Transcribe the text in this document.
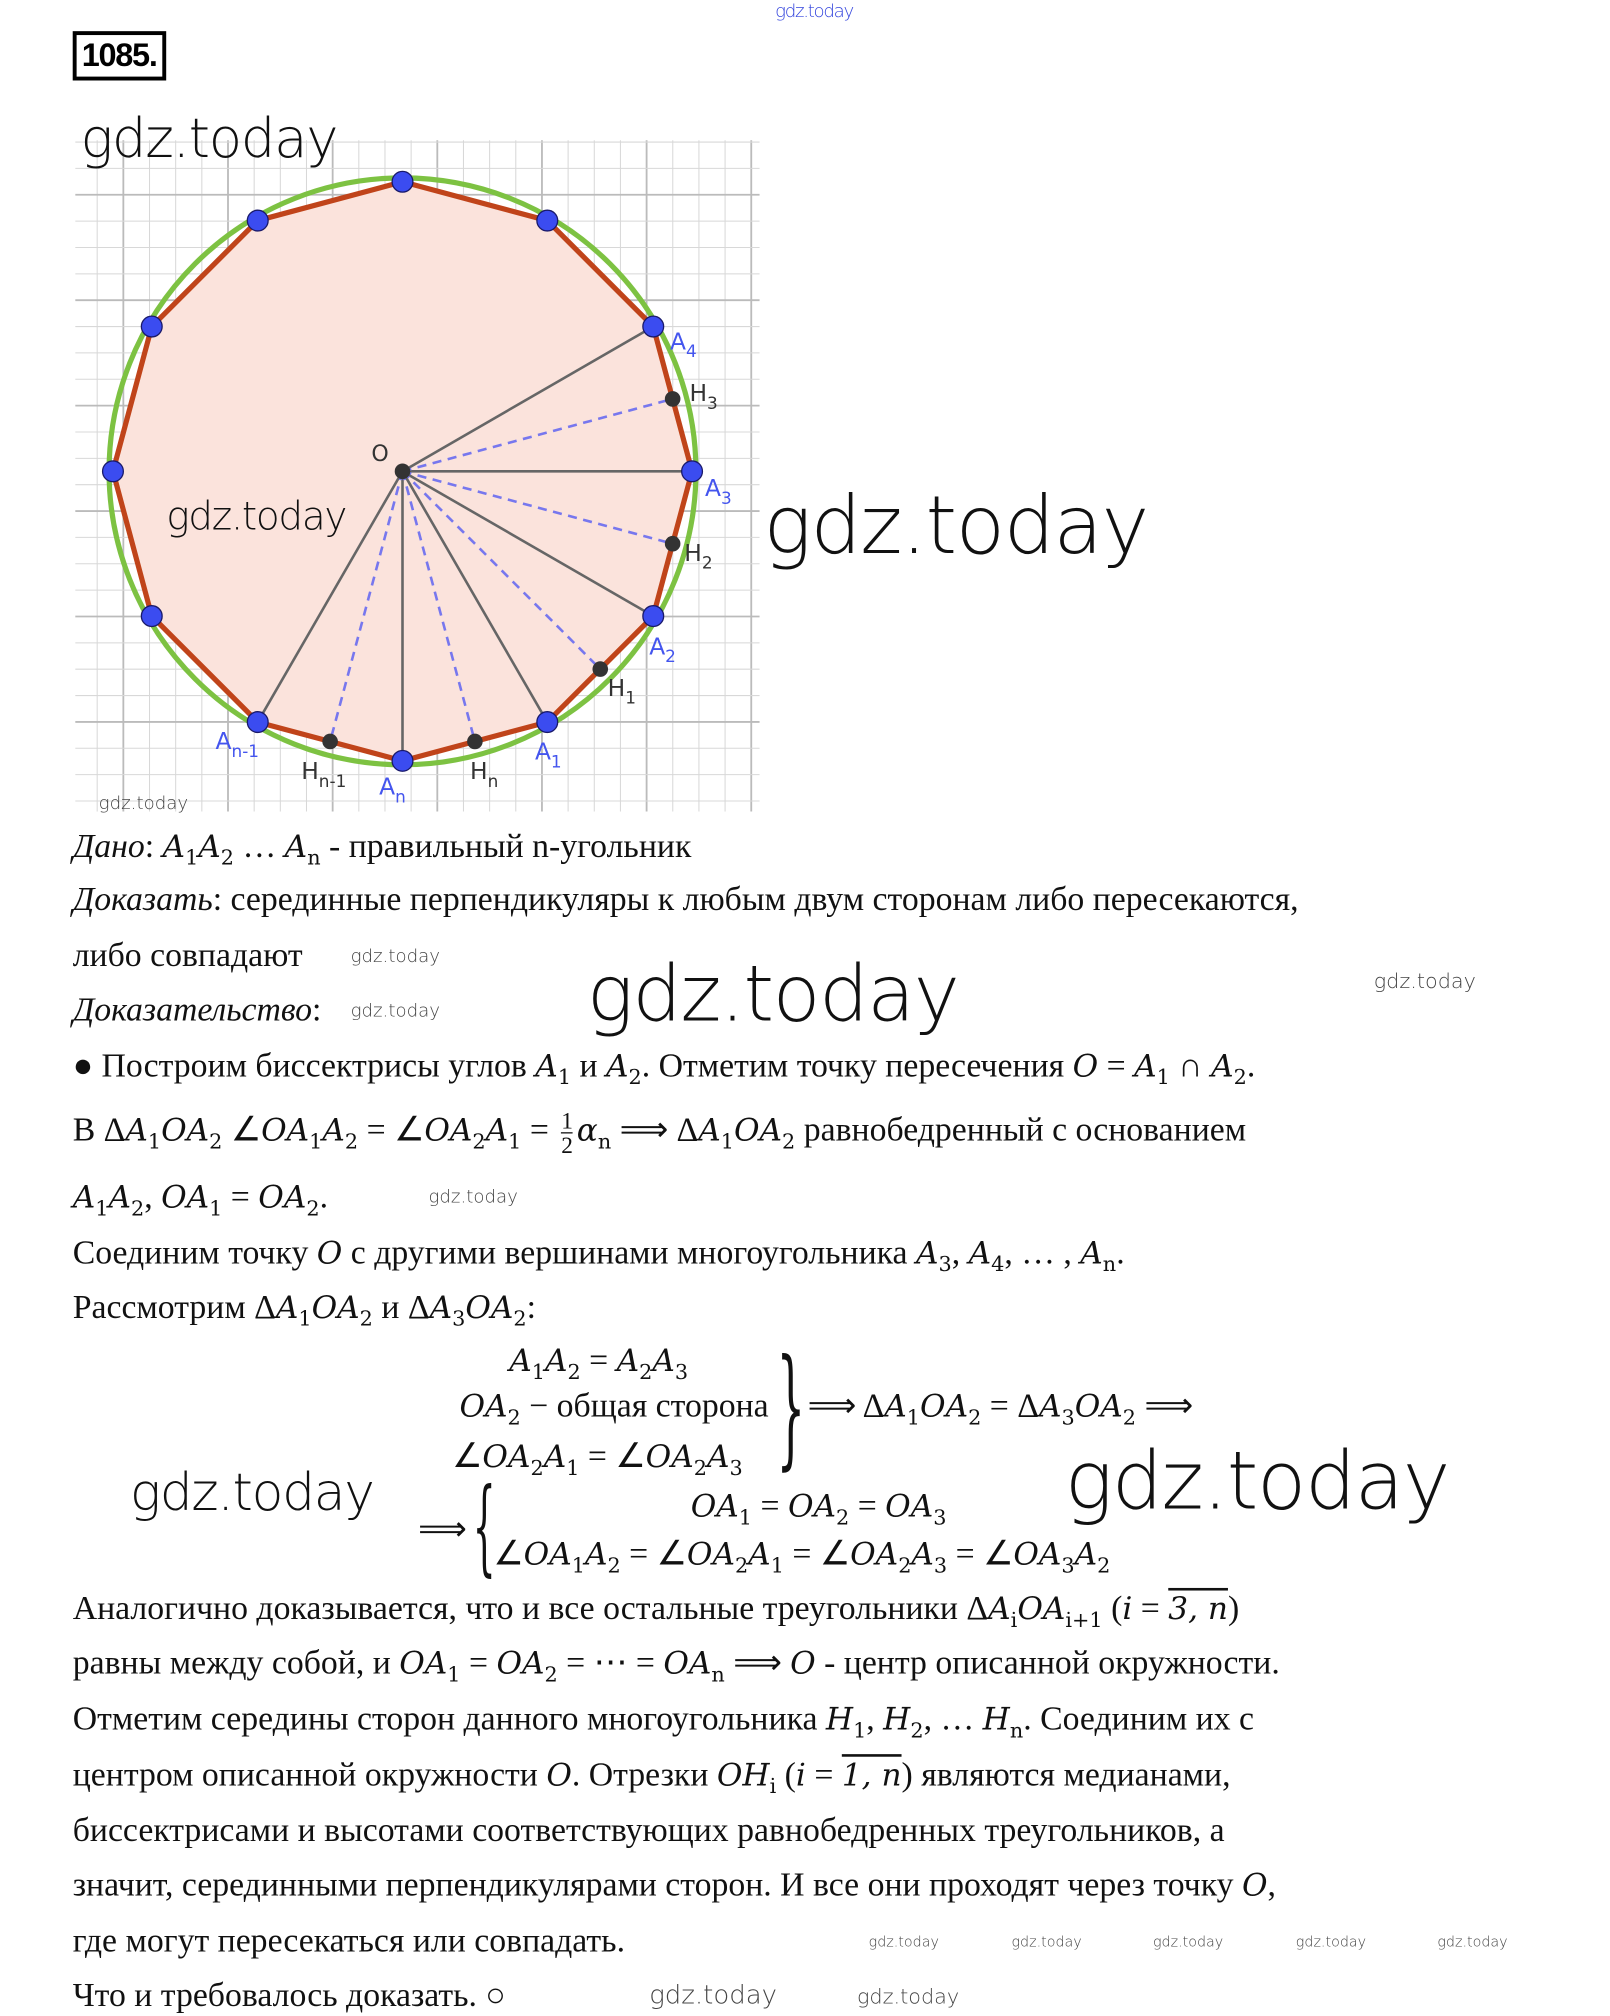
gdz.today
1085.
O
$A_1$
$A_2$
$A_3$
$A_4$
$A_n$
$A_{n-1}$
$H_1$
$H_2$
$H_3$
$H_n$
$H_{n-1}$
gdz.today
gdz.today	gdz.today
gdz.today
Дано: $A_1A_2$ … $A_n$ - правильный n-угольник
Доказать: серединные перпендикуляры к любым двум сторонам либо пересекаются,
либо совпадают
Доказательство:
● Построим биссектрисы углов $A_1$ и $A_2$. Отметим точку пересечения $O = A_1$ ∩ $A_2$.
В $\Delta A_1OA_2$ $\angle OA_1A_2$ = $\angle OA_2A_1 = \frac{1}{2} \alpha_n$ ⟹ $\Delta A_1OA_2$ равнобедренный с основанием
$A_1A_2$, $OA_1 = OA_2$.
Соединим точку O с другими вершинами многоугольника $A_3$, $A_4$, … , $A_n$.
Рассмотрим $\Delta A_1OA_2$ и $\Delta A_3OA_2$:
Аналогично доказывается, что и все остальные треугольники $\Delta A_iOA_{i+1}$ (i = 3, n)
равны между собой, и $OA_1 = OA_2$ = ⋯ = $OA_n$ ⟹ O - центр описанной окружности.
Отметим середины сторон данного многоугольника $H_1$, $H_2$, … $H_n$. Соединим их с
центром описанной окружности O. Отрезки $OH_i$ (i = 1, n) являются медианами,
биссектрисами и высотами соответствующих равнобедренных треугольников, а
значит, серединными перпендикулярами сторон. И все они проходят через точку O,
где могут пересекаться или совпадать.
Что и требовалось доказать. ○
gdz.today
gdz.today
gdz.today
gdz.today
gdz.today
$A_1A_2 = A_2A_3$
$OA_2$ − общая сторона
$\angle OA_2A_1$ = $\angle OA_2A_3$
⟹ $\Delta A_1OA_2 = \Delta A_3OA_2$ ⟹
}
gdz.today	gdz.today
⟹
$OA_1 = OA_2 = OA_3$
$\angle OA_1A_2$ = $\angle OA_2A_1$ = $\angle OA_2A_3$ = $\angle OA_3A_2$
{
gdz.today
gdz.today
gdz.today	gdz.today	gdz.today	gdz.today	gdz.today
